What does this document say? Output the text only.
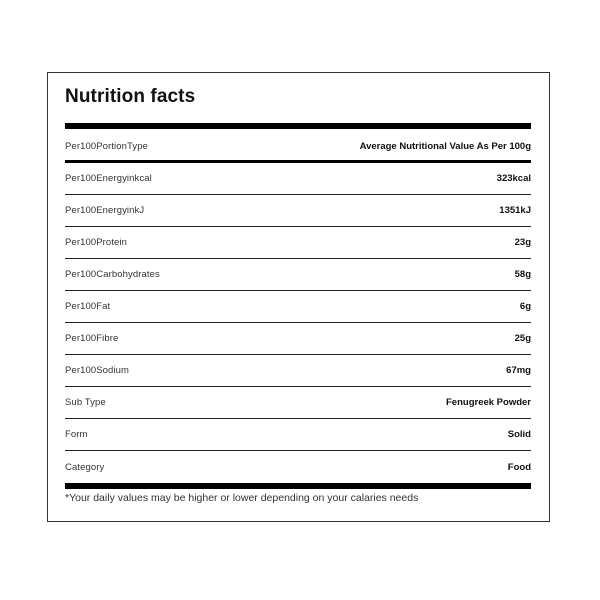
Nutrition facts
Per100PortionType	Average Nutritional Value As Per 100g
Per100Energyinkcal	323kcal
Per100EnergyinkJ	1351kJ
Per100Protein	23g
Per100Carbohydrates	58g
Per100Fat	6g
Per100Fibre	25g
Per100Sodium	67mg
Sub Type	Fenugreek Powder
Form	Solid
Category	Food
*Your daily values may be higher or lower depending on your calaries needs
